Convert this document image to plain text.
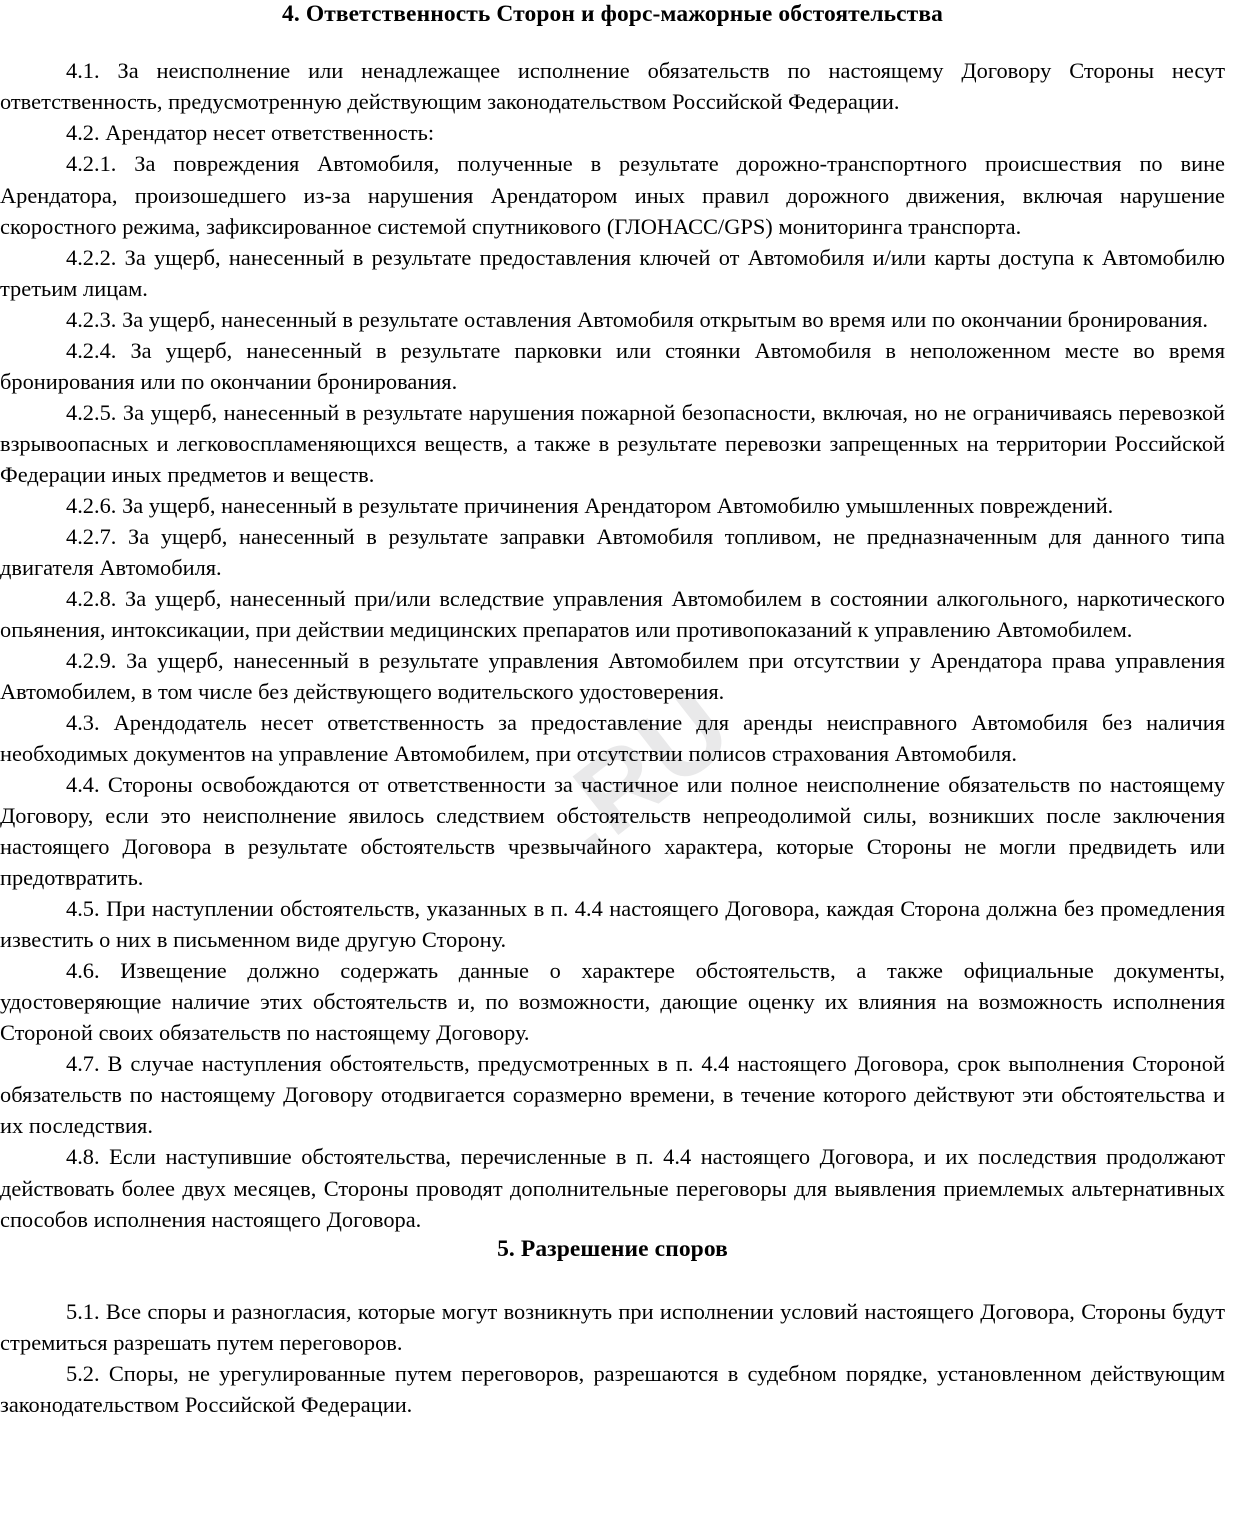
.RU
4. Ответственность Сторон и форс-мажорные обстоятельства

4.1. За неисполнение или ненадлежащее исполнение обязательств по настоящему Договору Стороны несут ответственность, предусмотренную действующим законодательством Российской Федерации.

4.2. Арендатор несет ответственность:

4.2.1. За повреждения Автомобиля, полученные в результате дорожно-транспортного происшествия по вине Арендатора, произошедшего из-за нарушения Арендатором иных правил дорожного движения, включая нарушение скоростного режима, зафиксированное системой спутникового (ГЛОНАСС/GPS) мониторинга транспорта.

4.2.2. За ущерб, нанесенный в результате предоставления ключей от Автомобиля и/или карты доступа к Автомобилю третьим лицам.

4.2.3. За ущерб, нанесенный в результате оставления Автомобиля открытым во время или по окончании бронирования.

4.2.4. За ущерб, нанесенный в результате парковки или стоянки Автомобиля в неположенном месте во время бронирования или по окончании бронирования.

4.2.5. За ущерб, нанесенный в результате нарушения пожарной безопасности, включая, но не ограничиваясь перевозкой взрывоопасных и легковоспламеняющихся веществ, а также в результате перевозки запрещенных на территории Российской Федерации иных предметов и веществ.

4.2.6. За ущерб, нанесенный в результате причинения Арендатором Автомобилю умышленных повреждений.

4.2.7. За ущерб, нанесенный в результате заправки Автомобиля топливом, не предназначенным для данного типа двигателя Автомобиля.

4.2.8. За ущерб, нанесенный при/или вследствие управления Автомобилем в состоянии алкогольного, наркотического опьянения, интоксикации, при действии медицинских препаратов или противопоказаний к управлению Автомобилем.

4.2.9. За ущерб, нанесенный в результате управления Автомобилем при отсутствии у Арендатора права управления Автомобилем, в том числе без действующего водительского удостоверения.

4.3. Арендодатель несет ответственность за предоставление для аренды неисправного Автомобиля без наличия необходимых документов на управление Автомобилем, при отсутствии полисов страхования Автомобиля.

4.4. Стороны освобождаются от ответственности за частичное или полное неисполнение обязательств по настоящему Договору, если это неисполнение явилось следствием обстоятельств непреодолимой силы, возникших после заключения настоящего Договора в результате обстоятельств чрезвычайного характера, которые Стороны не могли предвидеть или предотвратить.

4.5. При наступлении обстоятельств, указанных в п. 4.4 настоящего Договора, каждая Сторона должна без промедления известить о них в письменном виде другую Сторону.

4.6. Извещение должно содержать данные о характере обстоятельств, а также официальные документы, удостоверяющие наличие этих обстоятельств и, по возможности, дающие оценку их влияния на возможность исполнения Стороной своих обязательств по настоящему Договору.

4.7. В случае наступления обстоятельств, предусмотренных в п. 4.4 настоящего Договора, срок выполнения Стороной обязательств по настоящему Договору отодвигается соразмерно времени, в течение которого действуют эти обстоятельства и их последствия.

4.8. Если наступившие обстоятельства, перечисленные в п. 4.4 настоящего Договора, и их последствия продолжают действовать более двух месяцев, Стороны проводят дополнительные переговоры для выявления приемлемых альтернативных способов исполнения настоящего Договора.

5. Разрешение споров

5.1. Все споры и разногласия, которые могут возникнуть при исполнении условий настоящего Договора, Стороны будут стремиться разрешать путем переговоров.

5.2. Споры, не урегулированные путем переговоров, разрешаются в судебном порядке, установленном действующим законодательством Российской Федерации.
